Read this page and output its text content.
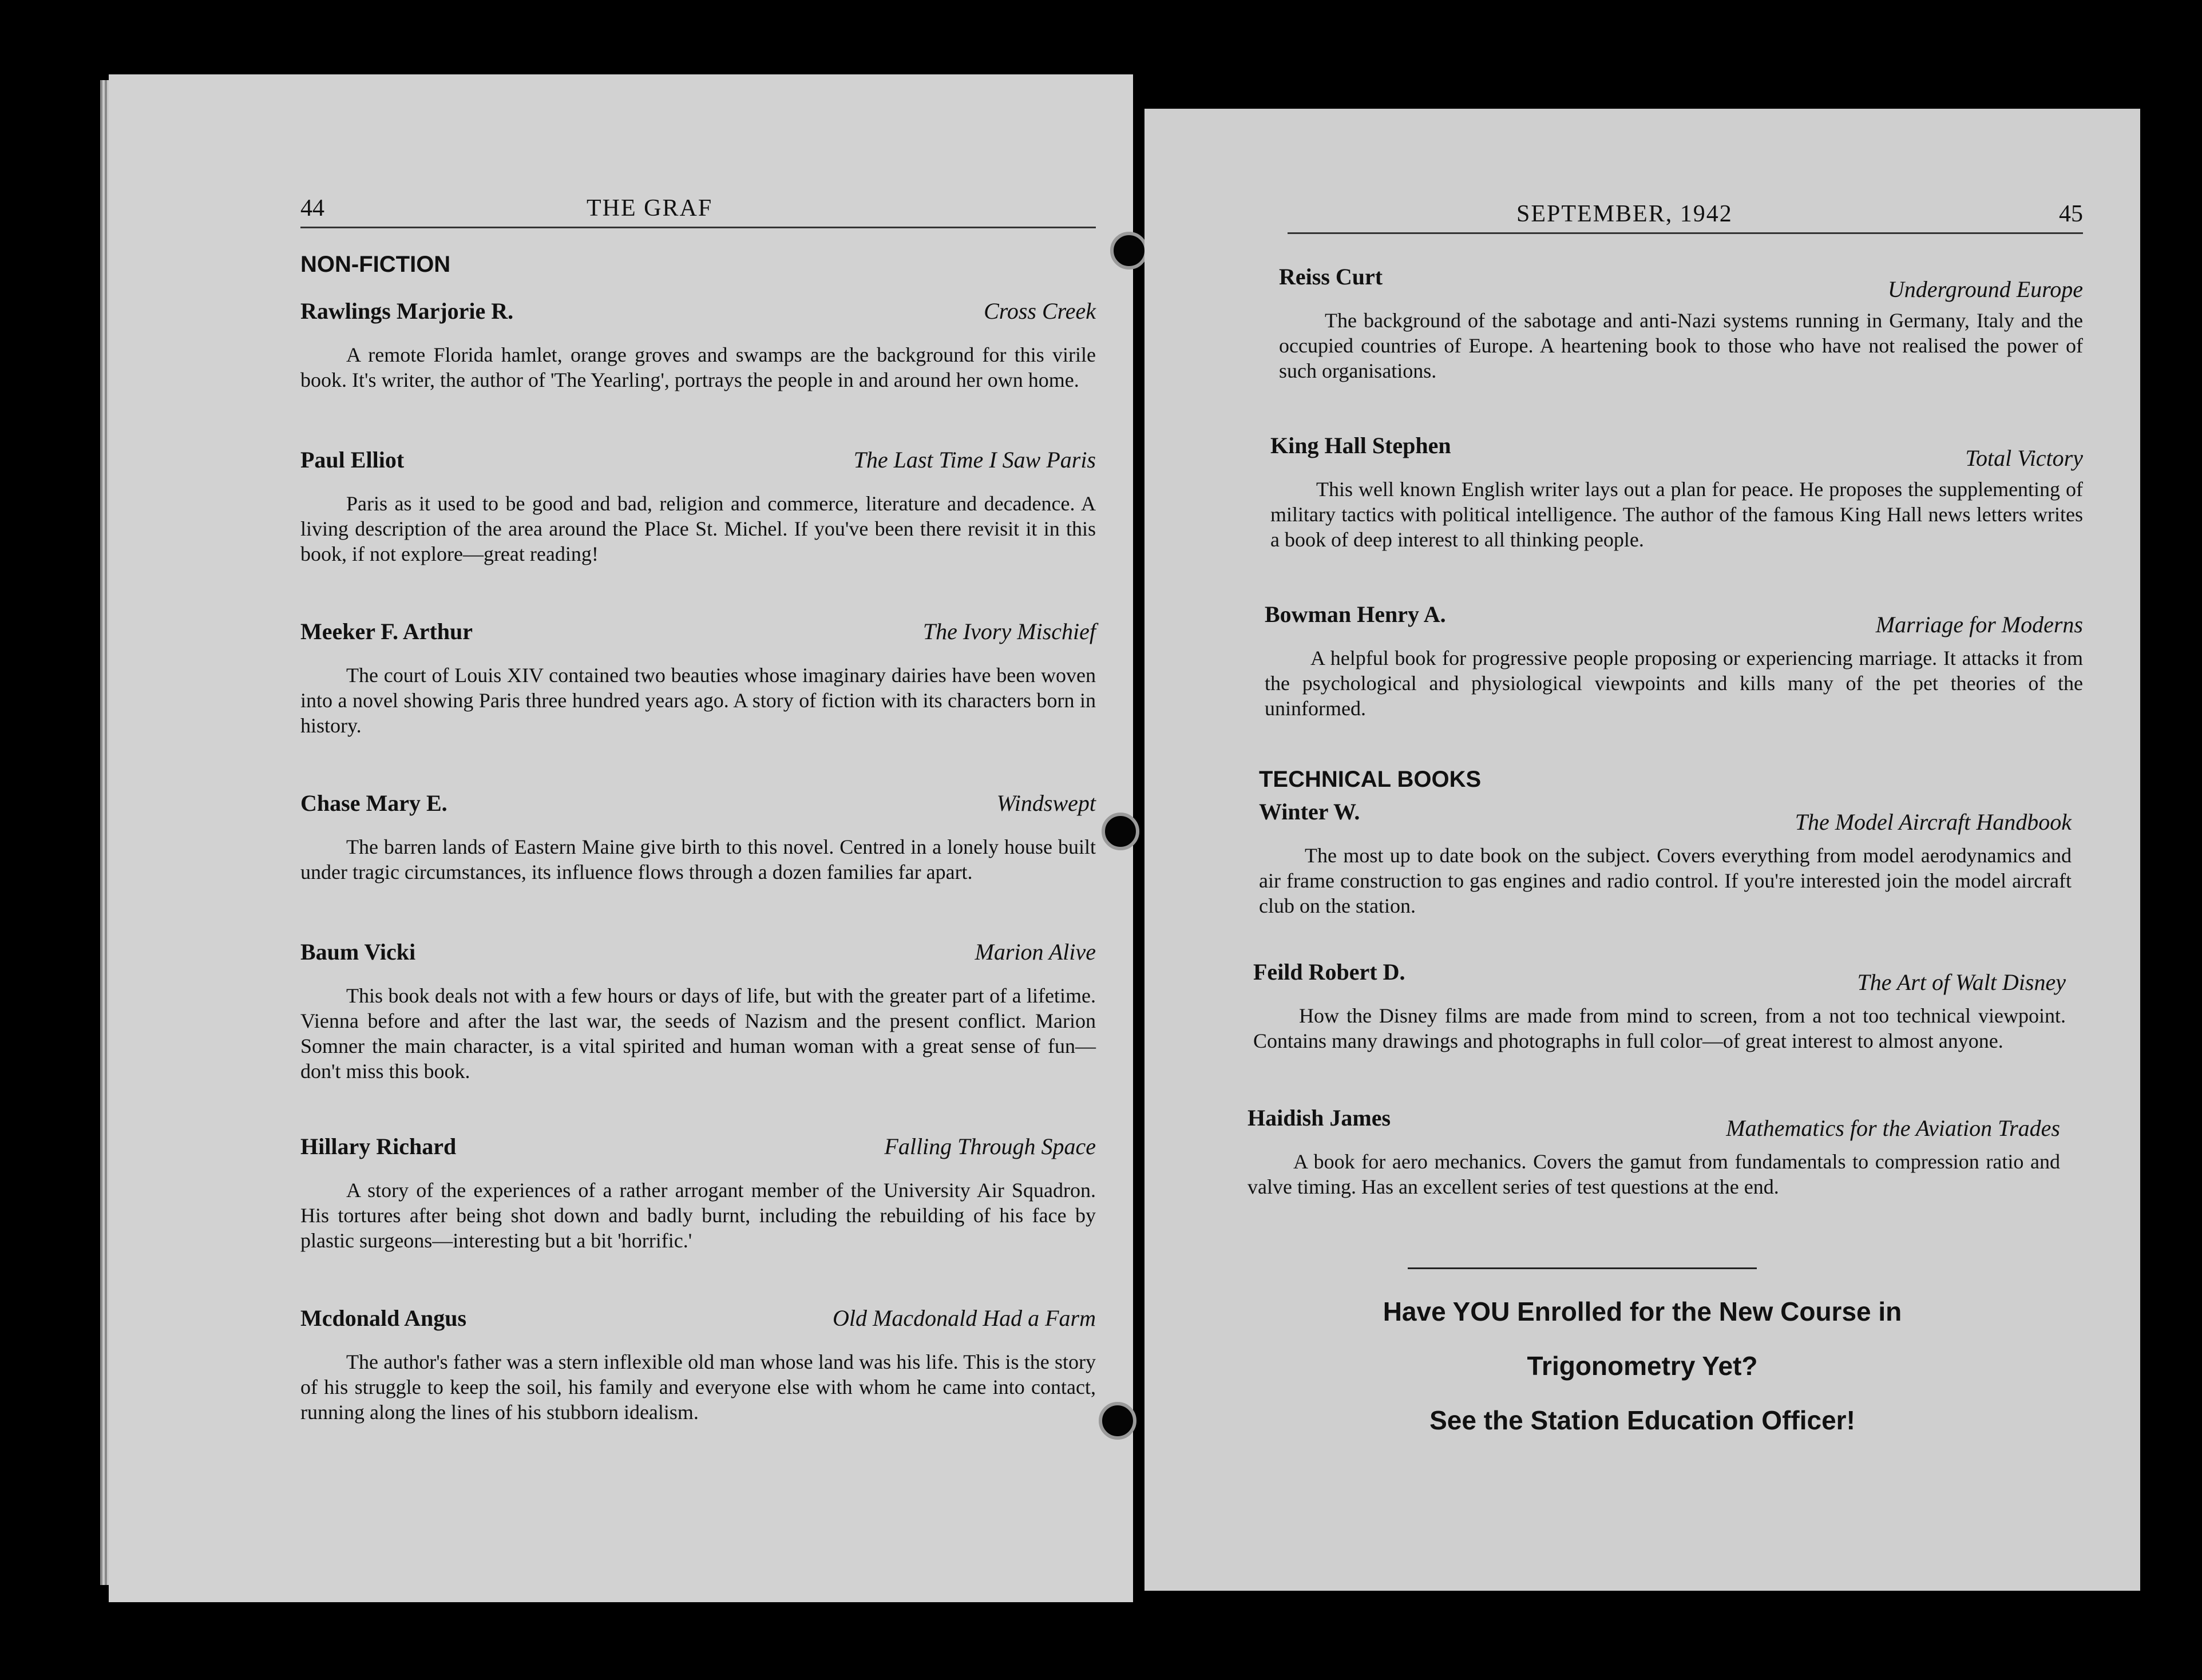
44	THE GRAF
NON-FICTION
Rawlings Marjorie R.	Cross Creek
A remote Florida hamlet, orange groves and swamps are the background for this virile book. It's writer, the author of 'The Yearling', portrays the people in and around her own home.
Paul Elliot	The Last Time I Saw Paris
Paris as it used to be good and bad, religion and commerce, literature and decadence. A living description of the area around the Place St. Michel. If you've been there revisit it in this book, if not explore—great reading!
Meeker F. Arthur	The Ivory Mischief
The court of Louis XIV contained two beauties whose imaginary dairies have been woven into a novel showing Paris three hundred years ago. A story of fiction with its characters born in history.
Chase Mary E.	Windswept
The barren lands of Eastern Maine give birth to this novel. Centred in a lonely house built under tragic circumstances, its influence flows through a dozen families far apart.
Baum Vicki	Marion Alive
This book deals not with a few hours or days of life, but with the greater part of a lifetime. Vienna before and after the last war, the seeds of Nazism and the present conflict. Marion Somner the main character, is a vital spirited and human woman with a great sense of fun—don't miss this book.
Hillary Richard	Falling Through Space
A story of the experiences of a rather arrogant member of the University Air Squadron. His tortures after being shot down and badly burnt, including the rebuilding of his face by plastic surgeons—interesting but a bit 'horrific.'
Mcdonald Angus	Old Macdonald Had a Farm
The author's father was a stern inflexible old man whose land was his life. This is the story of his struggle to keep the soil, his family and everyone else with whom he came into contact, running along the lines of his stubborn idealism.
SEPTEMBER, 1942	45
Reiss Curt	Underground Europe
The background of the sabotage and anti-Nazi systems running in Germany, Italy and the occupied countries of Europe. A heartening book to those who have not realised the power of such organisations.
King Hall Stephen	Total Victory
This well known English writer lays out a plan for peace. He proposes the supplementing of military tactics with political intelligence. The author of the famous King Hall news letters writes a book of deep interest to all thinking people.
Bowman Henry A.	Marriage for Moderns
A helpful book for progressive people proposing or experiencing marriage. It attacks it from the psychological and physiological viewpoints and kills many of the pet theories of the uninformed.
TECHNICAL BOOKS
Winter W.	The Model Aircraft Handbook
The most up to date book on the subject. Covers everything from model aerodynamics and air frame construction to gas engines and radio control. If you're interested join the model aircraft club on the station.
Feild Robert D.	The Art of Walt Disney
How the Disney films are made from mind to screen, from a not too technical viewpoint. Contains many drawings and photographs in full color—of great interest to almost anyone.
Haidish James	Mathematics for the Aviation Trades
A book for aero mechanics. Covers the gamut from fundamentals to compression ratio and valve timing. Has an excellent series of test questions at the end.
Have YOU Enrolled for the New Course in
Trigonometry Yet?
See the Station Education Officer!
